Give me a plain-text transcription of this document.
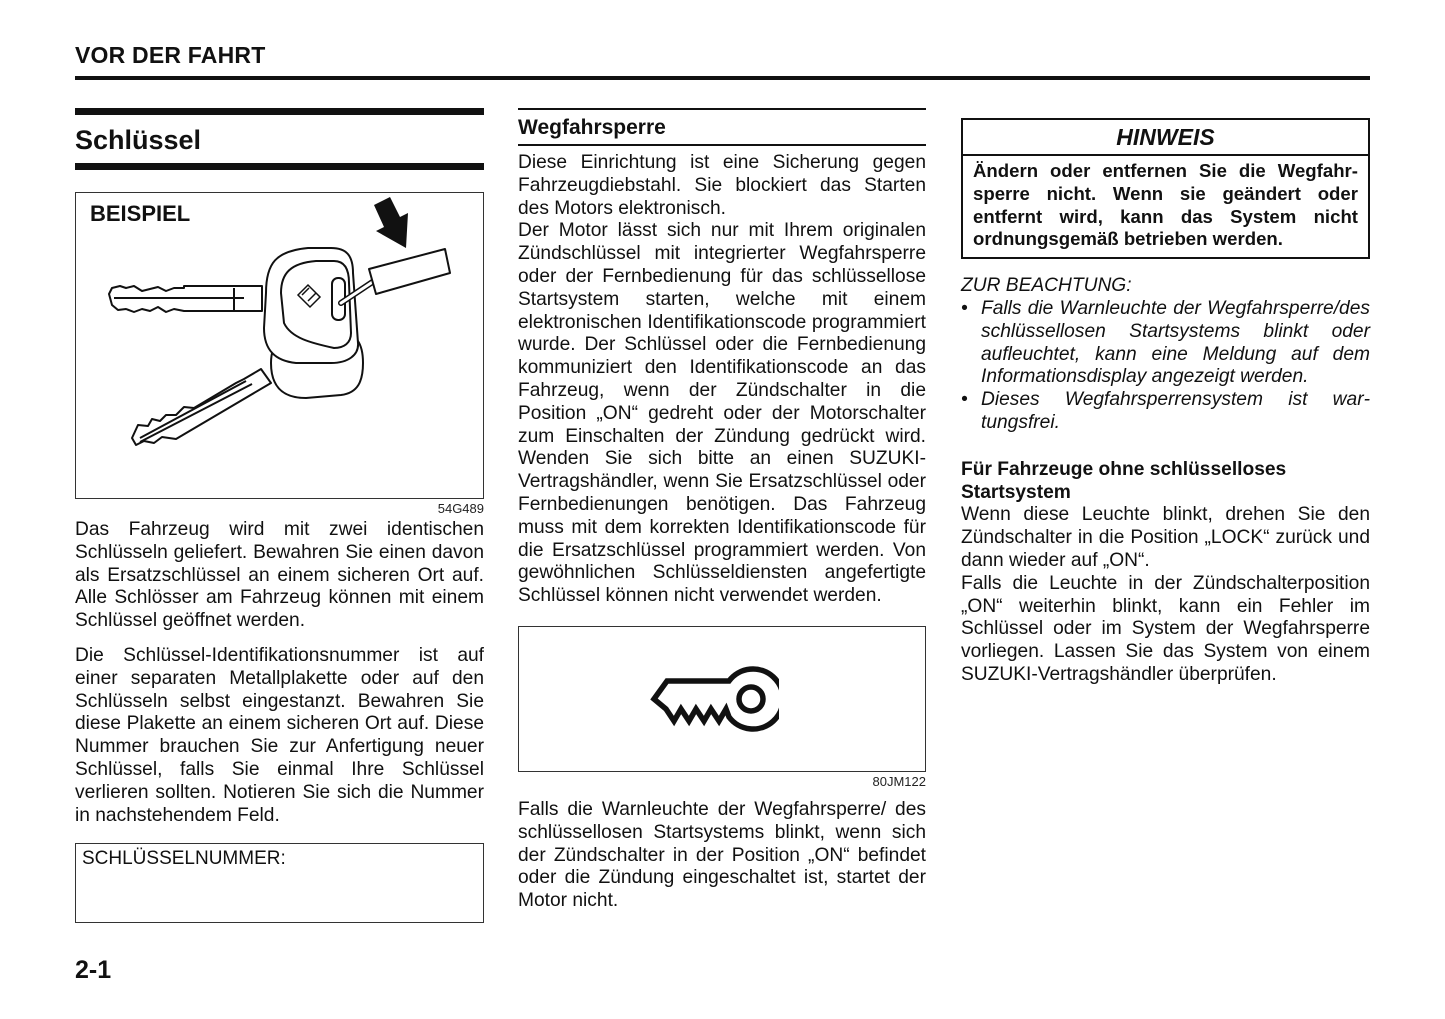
VOR DER FAHRT
Schlüssel
BEISPIEL
54G489

Das Fahrzeug wird mit zwei identischen Schlüsseln geliefert. Bewahren Sie einen davon als Ersatzschlüssel an einem sicheren Ort auf. Alle Schlösser am Fahrzeug können mit einem Schlüssel geöffnet werden.

Die Schlüssel-Identifikationsnummer ist auf einer separaten Metallplakette oder auf den Schlüsseln selbst eingestanzt. Bewahren Sie diese Plakette an einem sicheren Ort auf. Diese Nummer brauchen Sie zur Anfertigung neuer Schlüssel, falls Sie einmal Ihre Schlüssel verlieren sollten. Notieren Sie sich die Nummer in nachstehendem Feld.

SCHLÜSSELNUMMER:
Wegfahrsperre

Diese Einrichtung ist eine Sicherung gegen Fahrzeugdiebstahl. Sie blockiert das Starten des Motors elektronisch.

Der Motor lässt sich nur mit Ihrem originalen Zündschlüssel mit integrierter Wegfahrsperre oder der Fernbedienung für das schlüssellose Startsystem starten, welche mit einem elektronischen Identifikationscode programmiert wurde. Der Schlüssel oder die Fernbedienung kommuniziert den Identifikationscode an das Fahrzeug, wenn der Zündschalter in die Position „ON“ gedreht oder der Motorschalter zum Einschalten der Zündung gedrückt wird. Wenden Sie sich bitte an einen SUZUKI-Vertragshändler, wenn Sie Ersatzschlüssel oder Fernbedienungen benötigen. Das Fahrzeug muss mit dem korrekten Identifikationscode für die Ersatzschlüssel programmiert werden. Von gewöhnlichen Schlüsseldiensten angefertigte Schlüssel können nicht verwendet werden.

80JM122

Falls die Warnleuchte der Wegfahrsperre/ des schlüssellosen Startsystems blinkt, wenn sich der Zündschalter in der Position „ON“ befindet oder die Zündung eingeschaltet ist, startet der Motor nicht.

HINWEIS
Ändern oder entfernen Sie die Wegfahrsperre nicht. Wenn sie geändert oder entfernt wird, kann das System nicht ordnungsgemäß betrieben werden.
ZUR BEACHTUNG:
• Falls die Warnleuchte der Wegfahrsperre/des schlüssellosen Startsystems blinkt oder aufleuchtet, kann eine Meldung auf dem Informationsdisplay angezeigt werden.
• Dieses Wegfahrsperrensystem ist wartungsfrei.
Für Fahrzeuge ohne schlüsselloses Startsystem

Wenn diese Leuchte blinkt, drehen Sie den Zündschalter in die Position „LOCK“ zurück und dann wieder auf „ON“.

Falls die Leuchte in der Zündschalterposition „ON“ weiterhin blinkt, kann ein Fehler im Schlüssel oder im System der Wegfahrsperre vorliegen. Lassen Sie das System von einem SUZUKI-Vertragshändler überprüfen.

2-1
